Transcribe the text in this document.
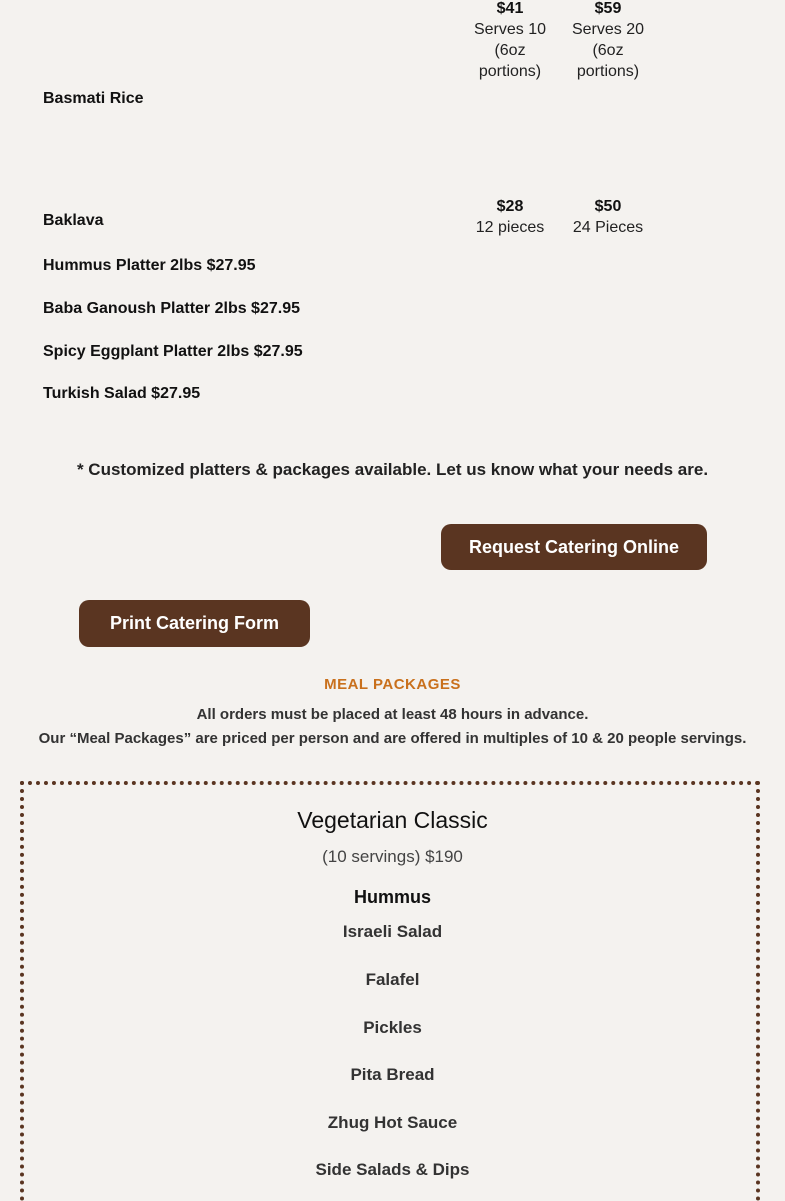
$41
Serves 10
(6oz
portions)
$59
Serves 20
(6oz
portions)
Basmati Rice
$28
12 pieces
$50
24 Pieces
Baklava
Hummus Platter 2lbs $27.95
Baba Ganoush Platter 2lbs $27.95
Spicy Eggplant Platter 2lbs $27.95
Turkish Salad $27.95
* Customized platters & packages available. Let us know what your needs are.
Request Catering Online
Print Catering Form
MEAL PACKAGES
All orders must be placed at least 48 hours in advance.
Our “Meal Packages” are priced per person and are offered in multiples of 10 & 20 people servings.
Vegetarian Classic
(10 servings) $190
Hummus
Israeli Salad
Falafel
Pickles
Pita Bread
Zhug Hot Sauce
Side Salads & Dips
